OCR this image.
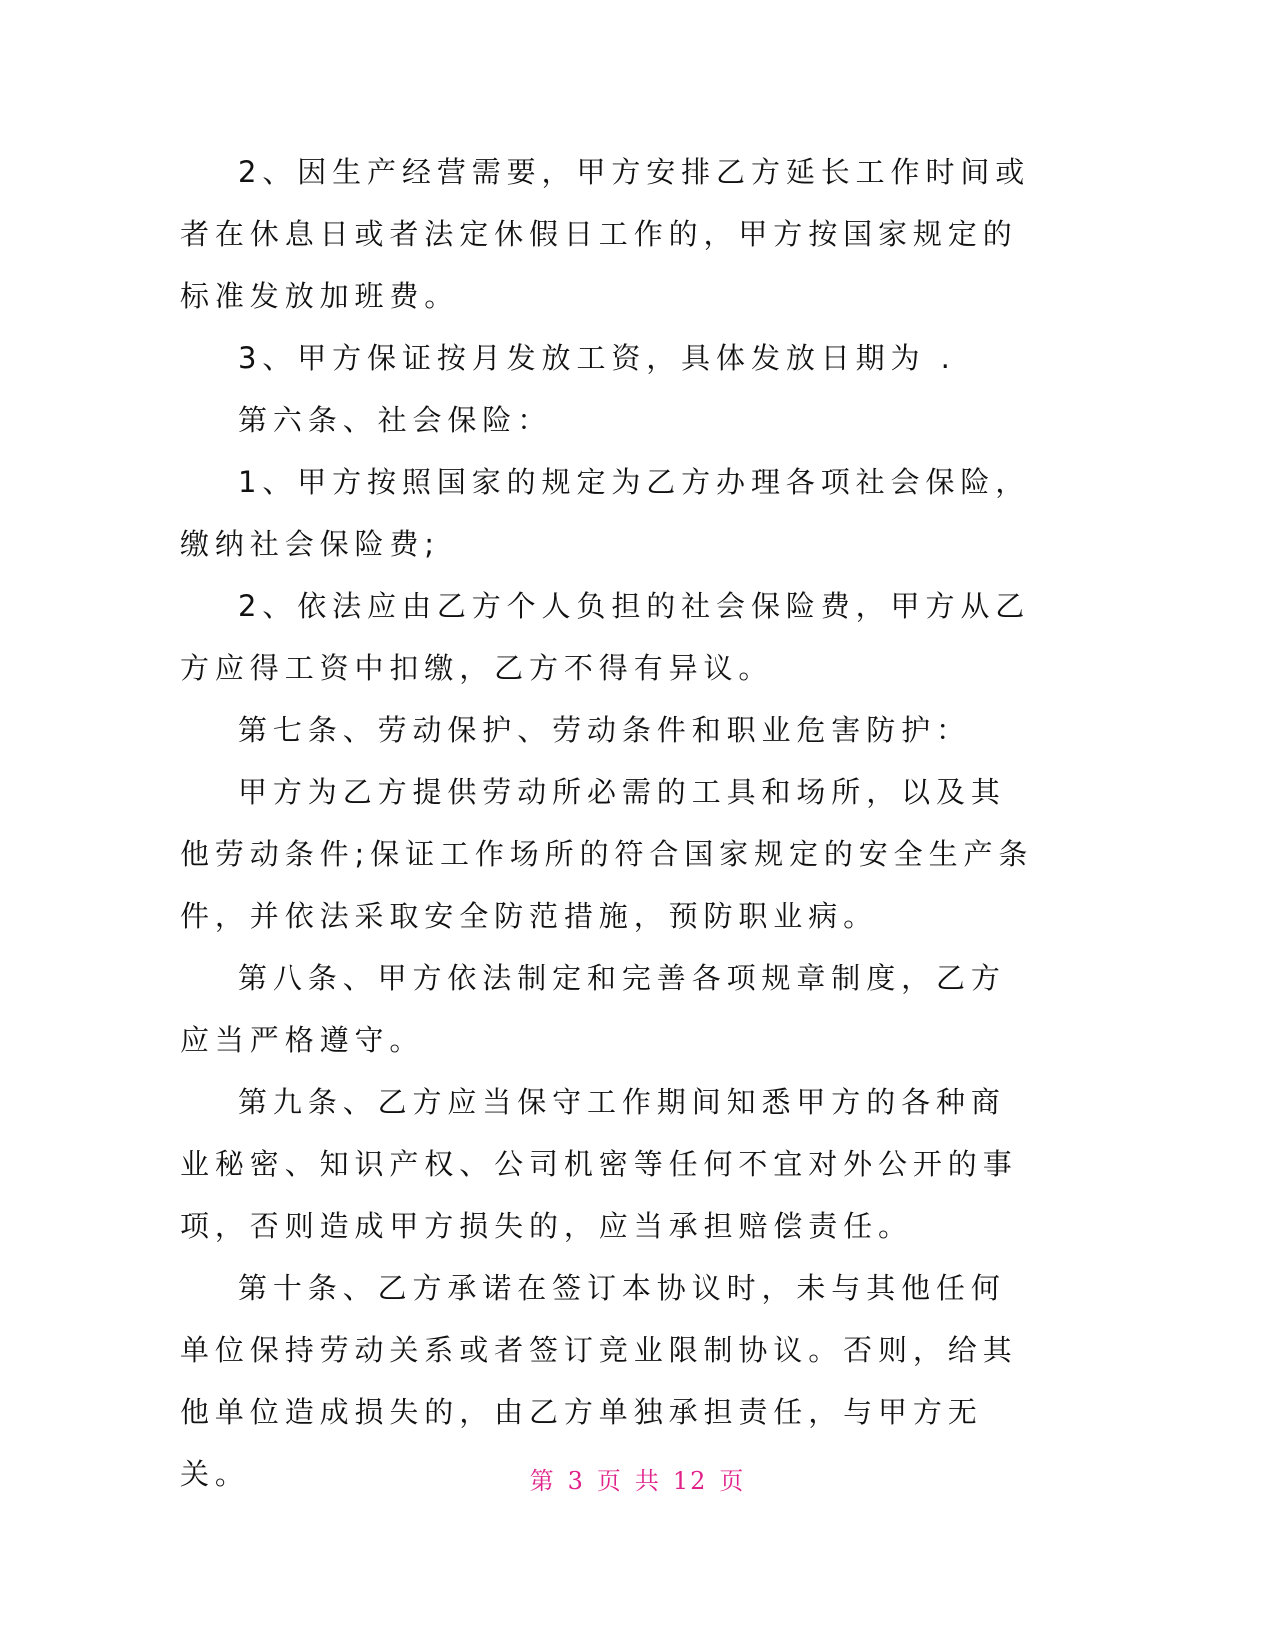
2、因生产经营需要，甲方安排乙方延长工作时间或者在休息日或者法定休假日工作的，甲方按国家规定的标准发放加班费。

3、甲方保证按月发放工资，具体发放日期为 .

第六条、社会保险：

1、甲方按照国家的规定为乙方办理各项社会保险，缴纳社会保险费;

2、依法应由乙方个人负担的社会保险费，甲方从乙方应得工资中扣缴，乙方不得有异议。

第七条、劳动保护、劳动条件和职业危害防护：

甲方为乙方提供劳动所必需的工具和场所，以及其他劳动条件;保证工作场所的符合国家规定的安全生产条件，并依法采取安全防范措施，预防职业病。

第八条、甲方依法制定和完善各项规章制度，乙方应当严格遵守。

第九条、乙方应当保守工作期间知悉甲方的各种商业秘密、知识产权、公司机密等任何不宜对外公开的事项，否则造成甲方损失的，应当承担赔偿责任。

第十条、乙方承诺在签订本协议时，未与其他任何单位保持劳动关系或者签订竞业限制协议。否则，给其他单位造成损失的，由乙方单独承担责任，与甲方无关。	第 3 页 共 12 页
